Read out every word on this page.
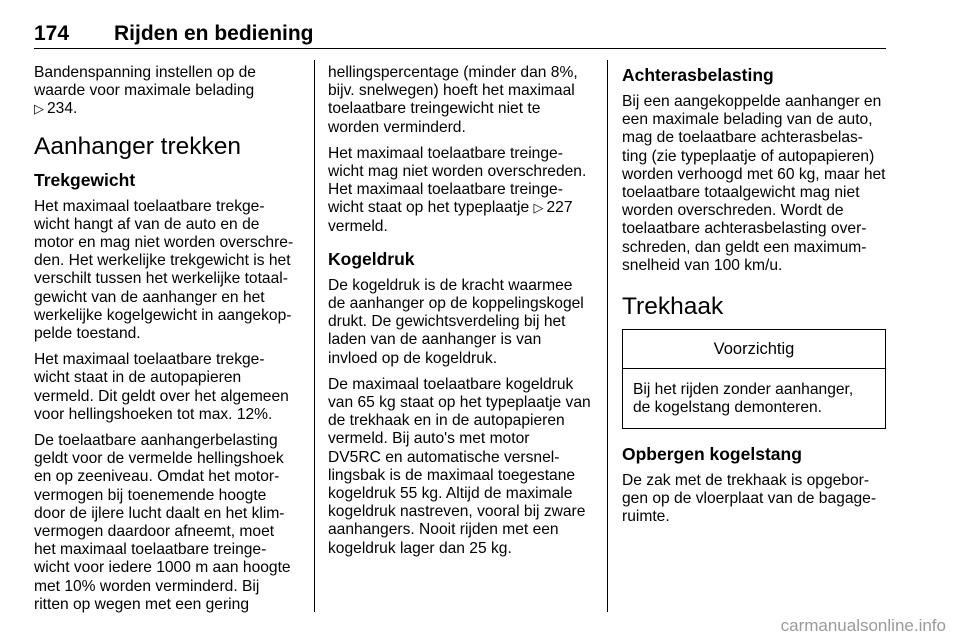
174 Rijden en bediening

Bandenspanning instellen op de
waarde voor maximale belading
▷ 234.

Aanhanger trekken
Trekgewicht

Het maximaal toelaatbare trekge-
wicht hangt af van de auto en de
motor en mag niet worden overschre-
den. Het werkelijke trekgewicht is het
verschilt tussen het werkelijke totaal-
gewicht van de aanhanger en het
werkelijke kogelgewicht in aangekop-
pelde toestand.

Het maximaal toelaatbare trekge-
wicht staat in de autopapieren
vermeld. Dit geldt over het algemeen
voor hellingshoeken tot max. 12%.

De toelaatbare aanhangerbelasting
geldt voor de vermelde hellingshoek
en op zeeniveau. Omdat het motor-
vermogen bij toenemende hoogte
door de ijlere lucht daalt en het klim-
vermogen daardoor afneemt, moet
het maximaal toelaatbare treinge-
wicht voor iedere 1000 m aan hoogte
met 10% worden verminderd. Bij
ritten op wegen met een gering

hellingspercentage (minder dan 8%,
bijv. snelwegen) hoeft het maximaal
toelaatbare treingewicht niet te
worden verminderd.

Het maximaal toelaatbare treinge-
wicht mag niet worden overschreden.
Het maximaal toelaatbare treinge-
wicht staat op het typeplaatje ▷ 227
vermeld.

Kogeldruk

De kogeldruk is de kracht waarmee
de aanhanger op de koppelingskogel
drukt. De gewichtsverdeling bij het
laden van de aanhanger is van
invloed op de kogeldruk.

De maximaal toelaatbare kogeldruk
van 65 kg staat op het typeplaatje van
de trekhaak en in de autopapieren
vermeld. Bij auto's met motor
DV5RC en automatische versnel-
lingsbak is de maximaal toegestane
kogeldruk 55 kg. Altijd de maximale
kogeldruk nastreven, vooral bij zware
aanhangers. Nooit rijden met een
kogeldruk lager dan 25 kg.

Achterasbelasting

Bij een aangekoppelde aanhanger en
een maximale belading van de auto,
mag de toelaatbare achterasbelas-
ting (zie typeplaatje of autopapieren)
worden verhoogd met 60 kg, maar het
toelaatbare totaalgewicht mag niet
worden overschreden. Wordt de
toelaatbare achterasbelasting over-
schreden, dan geldt een maximum-
snelheid van 100 km/u.

Trekhaak
Voorzichtig
Bij het rijden zonder aanhanger,
de kogelstang demonteren.
Opbergen kogelstang

De zak met de trekhaak is opgebor-
gen op de vloerplaat van de bagage-
ruimte.

carmanualsonline.info
